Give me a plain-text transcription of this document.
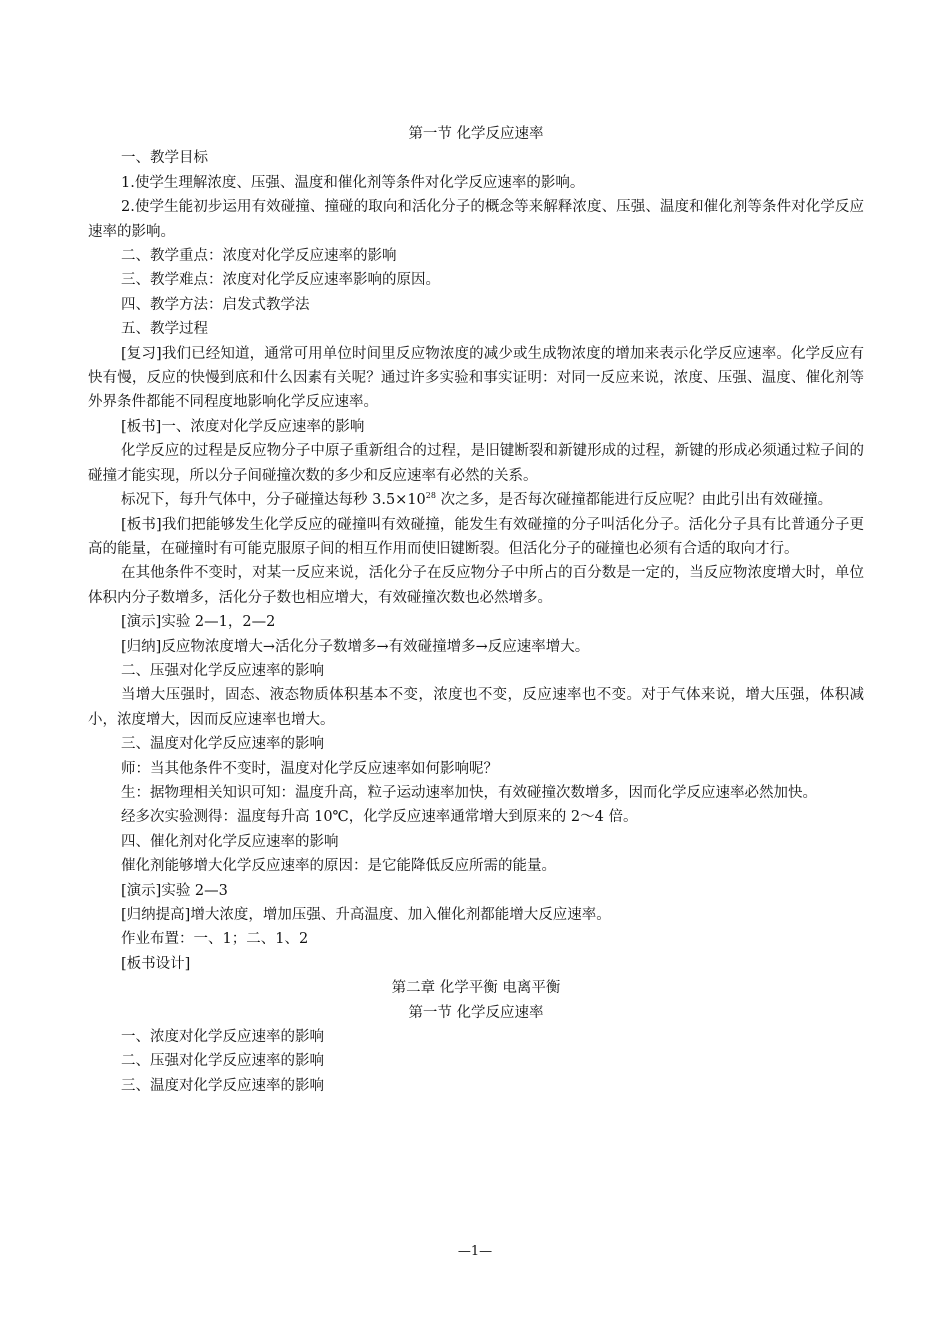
第一节 化学反应速率

一、教学目标

1.使学生理解浓度、压强、温度和催化剂等条件对化学反应速率的影响。

2.使学生能初步运用有效碰撞、撞碰的取向和活化分子的概念等来解释浓度、压强、温度和催化剂等条件对化学反应速率的影响。

二、教学重点：浓度对化学反应速率的影响

三、教学难点：浓度对化学反应速率影响的原因。

四、教学方法：启发式教学法

五、教学过程

[复习]我们已经知道，通常可用单位时间里反应物浓度的减少或生成物浓度的增加来表示化学反应速率。化学反应有快有慢，反应的快慢到底和什么因素有关呢？通过许多实验和事实证明：对同一反应来说，浓度、压强、温度、催化剂等外界条件都能不同程度地影响化学反应速率。

[板书]一、浓度对化学反应速率的影响

化学反应的过程是反应物分子中原子重新组合的过程，是旧键断裂和新键形成的过程，新键的形成必须通过粒子间的碰撞才能实现，所以分子间碰撞次数的多少和反应速率有必然的关系。

标况下，每升气体中，分子碰撞达每秒 $3.5\times 10^{28}$ 次之多，是否每次碰撞都能进行反应呢？由此引出有效碰撞。

[板书]我们把能够发生化学反应的碰撞叫有效碰撞，能发生有效碰撞的分子叫活化分子。活化分子具有比普通分子更高的能量，在碰撞时有可能克服原子间的相互作用而使旧键断裂。但活化分子的碰撞也必须有合适的取向才行。

在其他条件不变时，对某一反应来说，活化分子在反应物分子中所占的百分数是一定的，当反应物浓度增大时，单位体积内分子数增多，活化分子数也相应增大，有效碰撞次数也必然增多。

[演示]实验 2—1，2—2

[归纳]反应物浓度增大→活化分子数增多→有效碰撞增多→反应速率增大。

二、压强对化学反应速率的影响

当增大压强时，固态、液态物质体积基本不变，浓度也不变，反应速率也不变。对于气体来说，增大压强，体积减小，浓度增大，因而反应速率也增大。

三、温度对化学反应速率的影响

师：当其他条件不变时，温度对化学反应速率如何影响呢？

生：据物理相关知识可知：温度升高，粒子运动速率加快，有效碰撞次数增多，因而化学反应速率必然加快。

经多次实验测得：温度每升高 10℃，化学反应速率通常增大到原来的 2～4 倍。

四、催化剂对化学反应速率的影响

催化剂能够增大化学反应速率的原因：是它能降低反应所需的能量。

[演示]实验 2—3

[归纳提高]增大浓度，增加压强、升高温度、加入催化剂都能增大反应速率。

作业布置：一、1；二、1、2

[板书设计]

第二章 化学平衡 电离平衡

第一节 化学反应速率

一、浓度对化学反应速率的影响

二、压强对化学反应速率的影响

三、温度对化学反应速率的影响

—1—
